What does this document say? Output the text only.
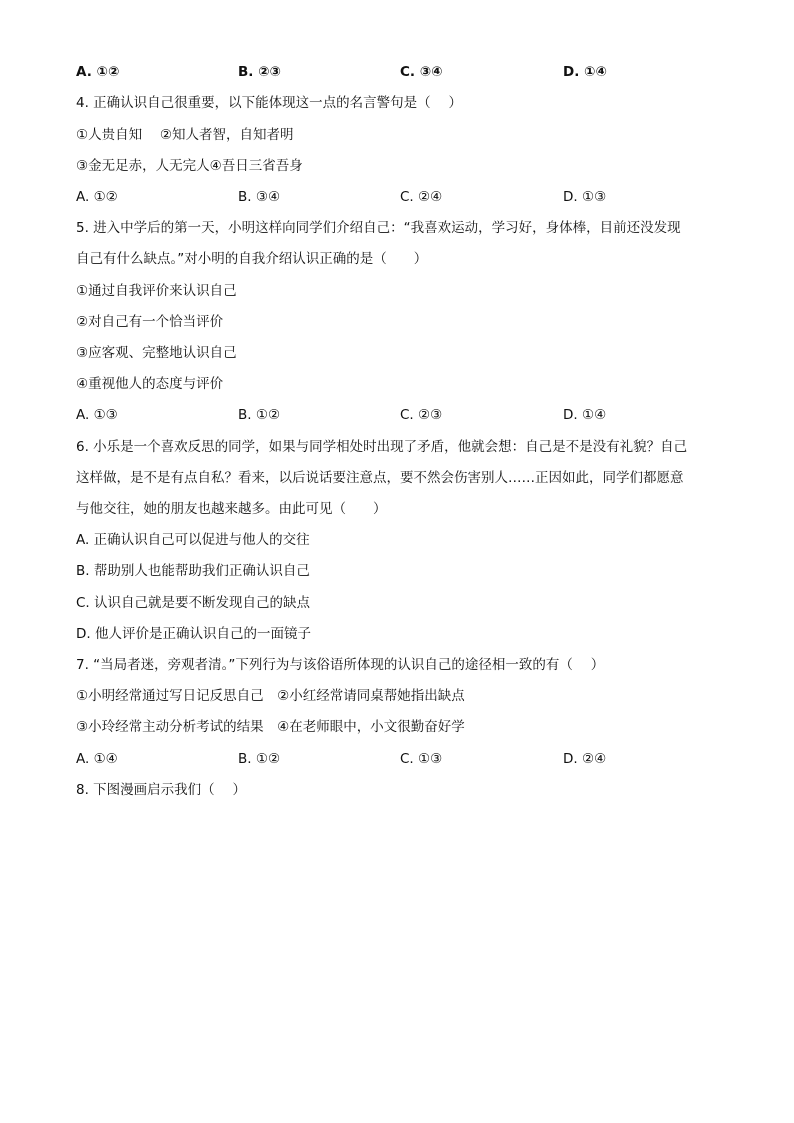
A. ①②	B. ②③	C. ③④	D. ①④
4. 正确认识自己很重要，以下能体现这一点的名言警句是（　 ）
①人贵自知　 ②知人者智，自知者明
③金无足赤，人无完人④吾日三省吾身
A. ①②	B. ③④	C. ②④	D. ①③
5. 进入中学后的第一天，小明这样向同学们介绍自己：“我喜欢运动，学习好，身体棒，目前还没发现
自己有什么缺点。”对小明的自我介绍认识正确的是（　　）
①通过自我评价来认识自己
②对自己有一个恰当评价
③应客观、完整地认识自己
④重视他人的态度与评价
A. ①③	B. ①②	C. ②③	D. ①④
6. 小乐是一个喜欢反思的同学，如果与同学相处时出现了矛盾，他就会想：自己是不是没有礼貌？自己
这样做，是不是有点自私？看来，以后说话要注意点，要不然会伤害别人……正因如此，同学们都愿意
与他交往，她的朋友也越来越多。由此可见（　　）
A. 正确认识自己可以促进与他人的交往
B. 帮助别人也能帮助我们正确认识自己
C. 认识自己就是要不断发现自己的缺点
D. 他人评价是正确认识自己的一面镜子
7. “当局者迷，旁观者清。”下列行为与该俗语所体现的认识自己的途径相一致的有（　 ）
①小明经常通过写日记反思自己　②小红经常请同桌帮她指出缺点
③小玲经常主动分析考试的结果　④在老师眼中，小文很勤奋好学
A. ①④	B. ①②	C. ①③	D. ②④
8. 下图漫画启示我们（　 ）
